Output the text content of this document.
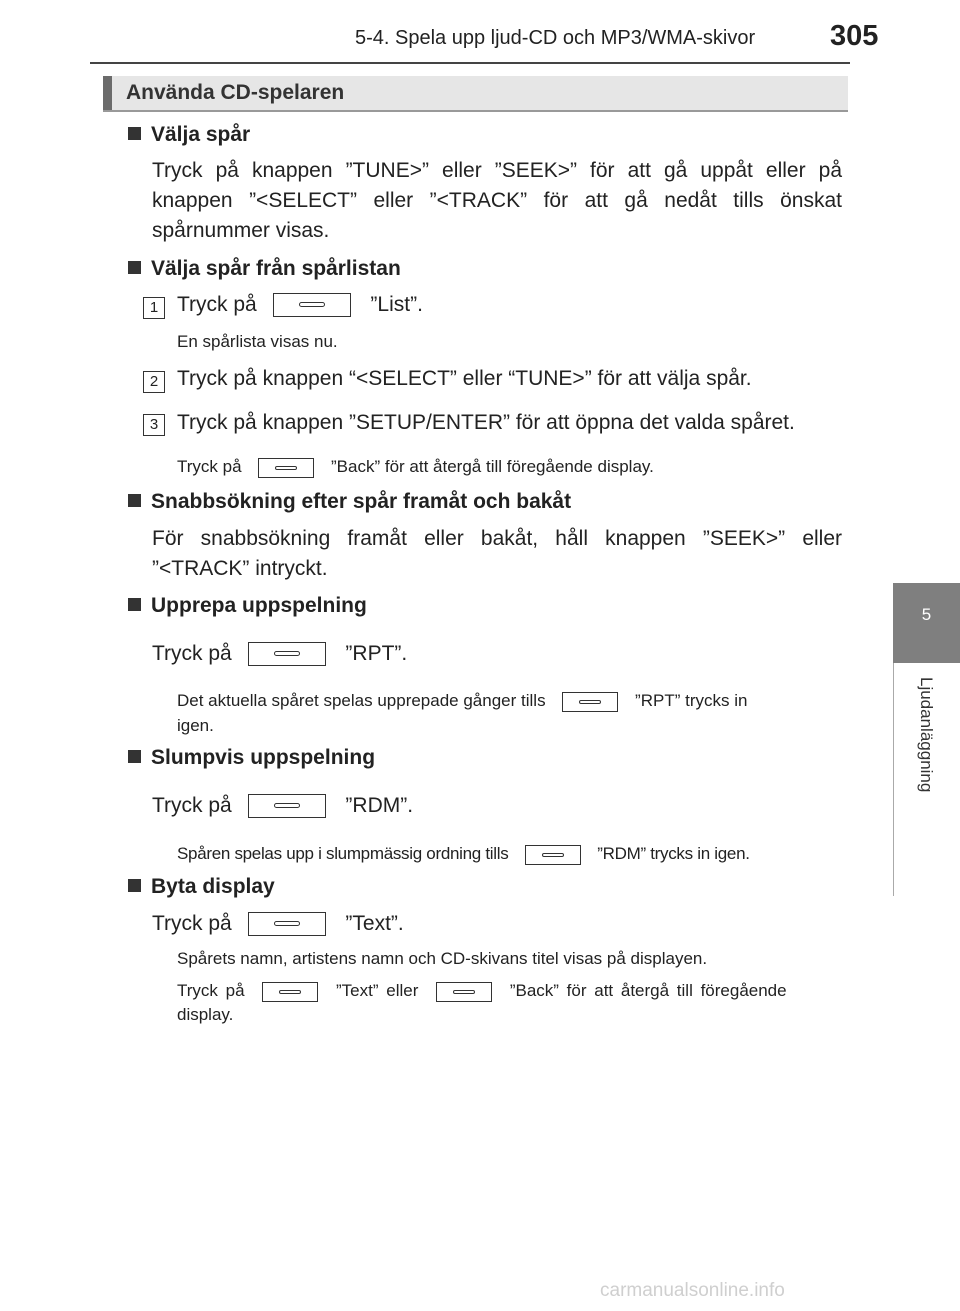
5-4. Spela upp ljud-CD och MP3/WMA-skivor	305
5
Ljudanläggning
Använda CD-spelaren
Välja spår
Tryck på knappen ”TUNE>” eller ”SEEK>” för att gå uppåt eller på knappen ”<SELECT” eller ”<TRACK” för att gå nedåt tills önskat spårnummer visas.
Välja spår från spårlistan
1 Tryck på	”List”.
En spårlista visas nu.
2 Tryck på knappen “<SELECT” eller “TUNE>” för att välja spår.
3 Tryck på knappen ”SETUP/ENTER” för att öppna det valda spåret.
Tryck på	”Back” för att återgå till föregående display.
Snabbsökning efter spår framåt och bakåt
För snabbsökning framåt eller bakåt, håll knappen ”SEEK>” eller ”<TRACK” intryckt.
Upprepa uppspelning
Tryck på	”RPT”.
Det aktuella spåret spelas upprepade gånger tills	”RPT” trycks in
igen.
Slumpvis uppspelning
Tryck på	”RDM”.
Spåren spelas upp i slumpmässig ordning tills	”RDM” trycks in igen.
Byta display
Tryck på	”Text”.
Spårets namn, artistens namn och CD-skivans titel visas på displayen.
Tryck på	”Text” eller	”Back” för att återgå till föregående
display.
carmanualsonline.info
